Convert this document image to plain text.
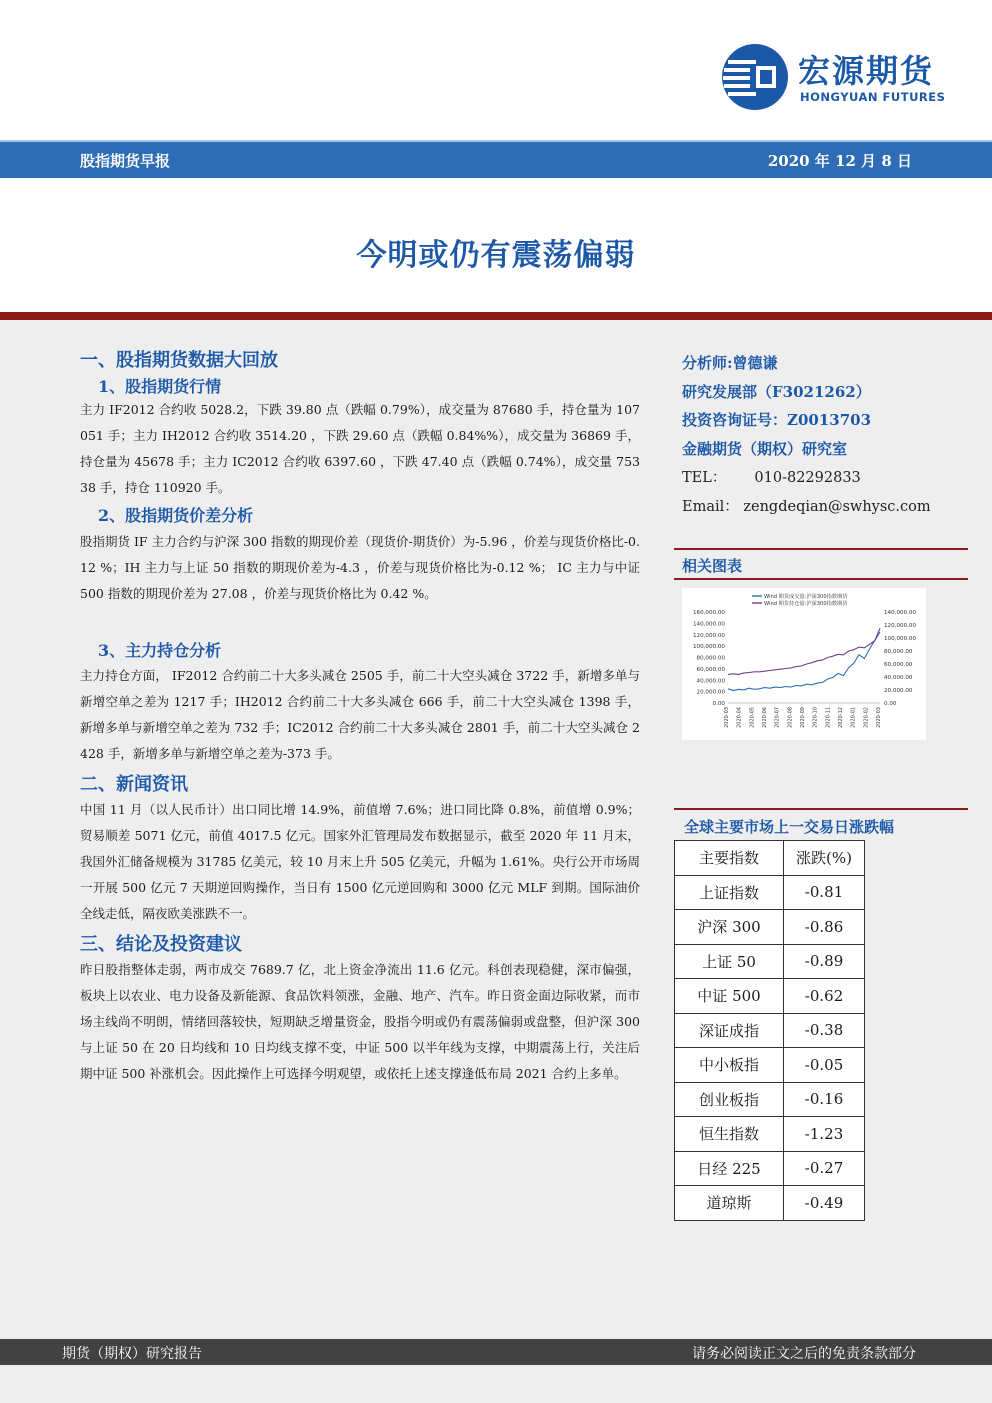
宏源期货
HONGYUAN FUTURES
股指期货早报	2020 年 12 月 8 日
今明或仍有震荡偏弱
一、股指期货数据大回放
1、股指期货行情
主力 IF2012 合约收 5028.2，下跌 39.80 点（跌幅 0.79%），成交量为 87680 手，持仓量为 107051 手；主力 IH2012 合约收 3514.20 ，下跌 29.60 点（跌幅 0.84%%），成交量为 36869 手，持仓量为 45678 手；主力 IC2012 合约收 6397.60 ，下跌 47.40 点（跌幅 0.74%），成交量 75338 手，持仓 110920 手。
2、股指期货价差分析
股指期货 IF 主力合约与沪深 300 指数的期现价差（现货价-期货价）为-5.96 ，价差与现货价格比-0.12 %；IH 主力与上证 50 指数的期现价差为-4.3 ，价差与现货价格比为-0.12 %； IC 主力与中证 500 指数的期现价差为 27.08 ，价差与现货价格比为 0.42 %。
3、主力持仓分析
主力持仓方面， IF2012 合约前二十大多头减仓 2505 手，前二十大空头减仓 3722 手，新增多单与新增空单之差为 1217 手；IH2012 合约前二十大多头减仓 666 手，前二十大空头减仓 1398 手，新增多单与新增空单之差为 732 手；IC2012 合约前二十大多头减仓 2801 手，前二十大空头减仓 2428 手，新增多单与新增空单之差为-373 手。
二、新闻资讯
中国 11 月（以人民币计）出口同比增 14.9%，前值增 7.6%；进口同比降 0.8%，前值增 0.9%；贸易顺差 5071 亿元，前值 4017.5 亿元。国家外汇管理局发布数据显示，截至 2020 年 11 月末，我国外汇储备规模为 31785 亿美元，较 10 月末上升 505 亿美元，升幅为 1.61%。央行公开市场周一开展 500 亿元 7 天期逆回购操作，当日有 1500 亿元逆回购和 3000 亿元 MLF 到期。国际油价全线走低，隔夜欧美涨跌不一。
三、结论及投资建议
昨日股指整体走弱，两市成交 7689.7 亿，北上资金净流出 11.6 亿元。科创表现稳健，深市偏强，板块上以农业、电力设备及新能源、食品饮料领涨，金融、地产、汽车。昨日资金面边际收紧，而市场主线尚不明朗，情绪回落较快，短期缺乏增量资金，股指今明或仍有震荡偏弱或盘整，但沪深 300 与上证 50 在 20 日均线和 10 日均线支撑不变，中证 500 以半年线为支撑，中期震荡上行，关注后期中证 500 补涨机会。因此操作上可选择今明观望，或依托上述支撑逢低布局 2021 合约上多单。
分析师:曾德谦
研究发展部（F3021262）
投资咨询证号：Z0013703
金融期货（期权）研究室
TEL： 010-82292833
Email： zengdeqian@swhysc.com
相关图表
0.00
20,000.00
40,000.00
60,000.00
80,000.00
100,000.00
120,000.00
140,000.00
160,000.00
0.00
20,000.00
40,000.00
60,000.00
80,000.00
100,000.00
120,000.00
140,000.00
2020-03 2020-04 2020-05 2020-06 2020-07 2020-08 2020-09 2020-10 2020-11 2020-12 2020-01 2020-02 2020-03
Wind 期货成交量:沪深300指数期货
Wind 期货持仓量:沪深300指数期货
全球主要市场上一交易日涨跌幅
主要指数	涨跌(%)
上证指数	-0.81
沪深 300	-0.86
上证 50	-0.89
中证 500	-0.62
深证成指	-0.38
中小板指	-0.05
创业板指	-0.16
恒生指数	-1.23
日经 225	-0.27
道琼斯	-0.49
期货（期权）研究报告	请务必阅读正文之后的免责条款部分
